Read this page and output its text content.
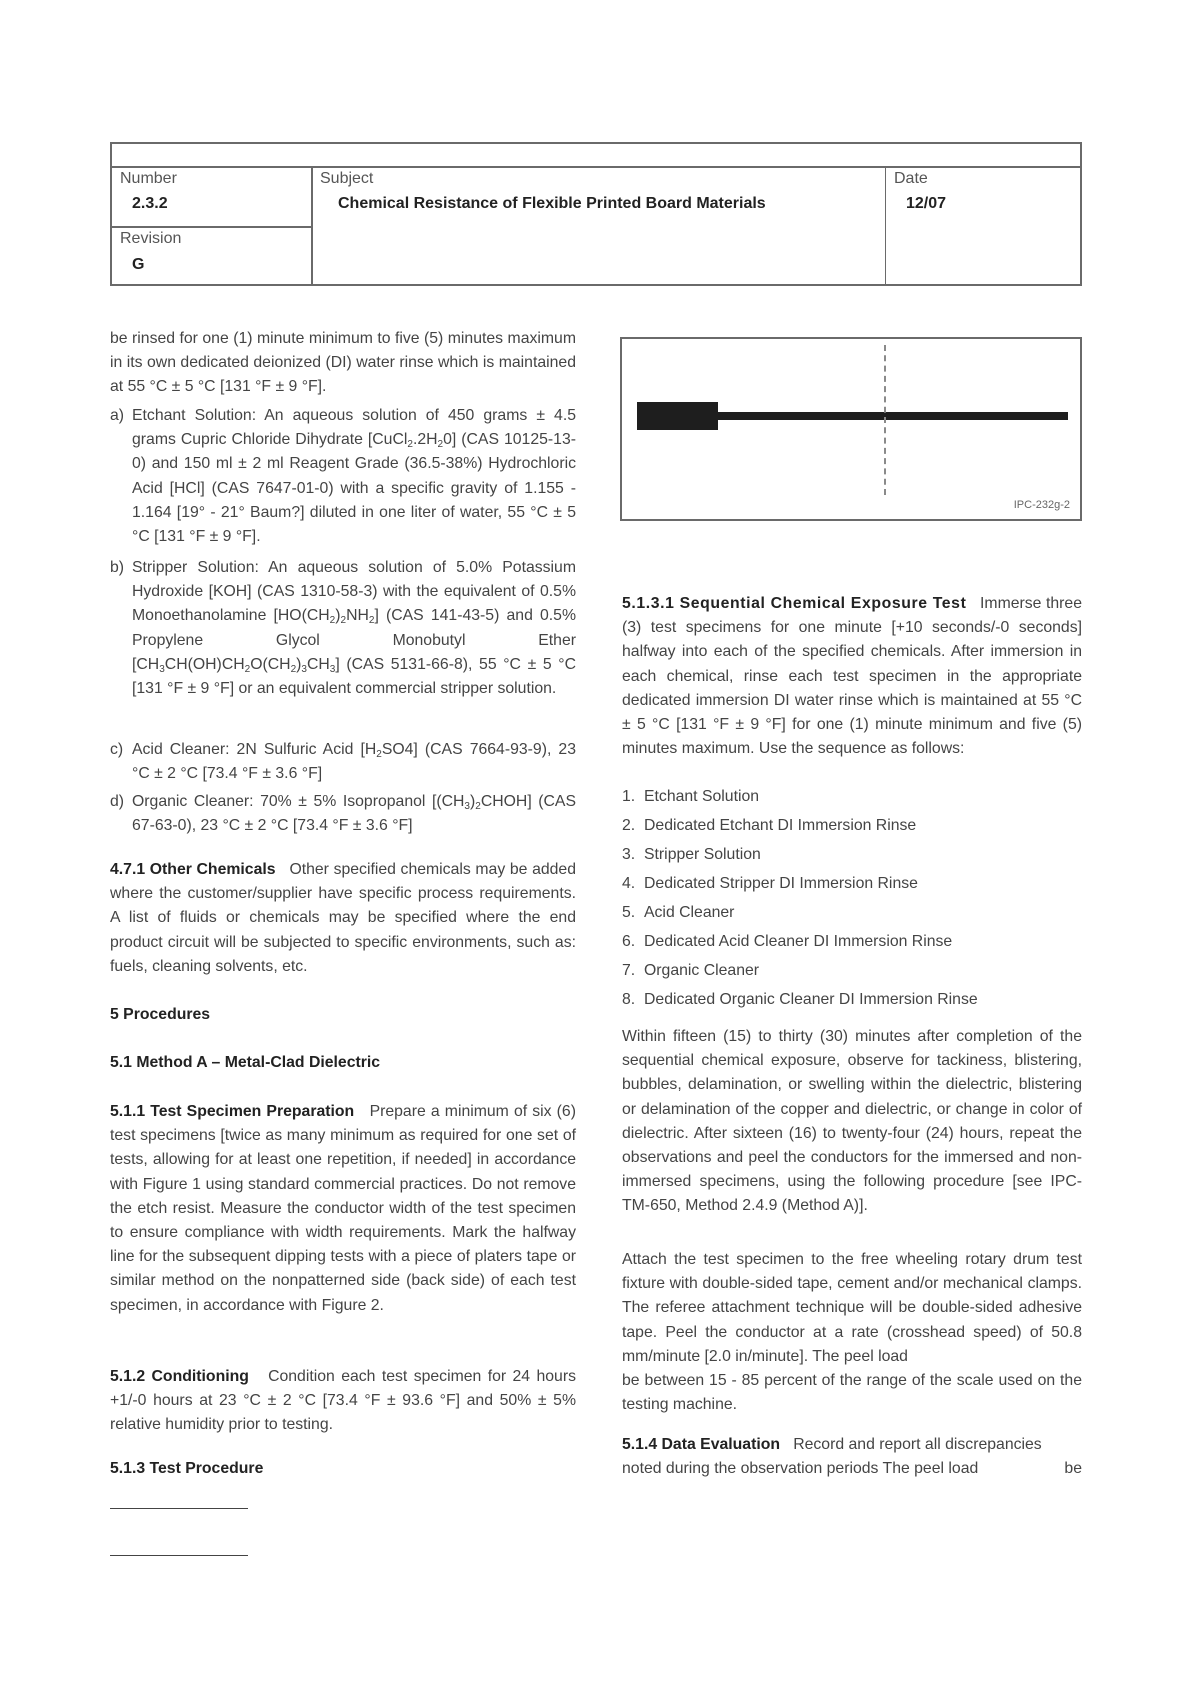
Number
2.3.2
Revision
G
Subject
Chemical Resistance of Flexible Printed Board Materials
Date
12/07
be rinsed for one (1) minute minimum to five (5) minutes maximum in its own dedicated deionized (DI) water rinse which is maintained at 55 °C ± 5 °C [131 °F ± 9 °F].
a) Etchant Solution: An aqueous solution of 450 grams ± 4.5 grams Cupric Chloride Dihydrate $[CuCl_2.2H_20]$ (CAS 10125-13-0) and 150 ml ± 2 ml Reagent Grade (36.5-38%) Hydrochloric Acid [HCl] (CAS 7647-01-0) with a specific gravity of 1.155 - 1.164 [19° - 21° Baum?] diluted in one liter of water, 55 °C ± 5 °C [131 °F ± 9 °F].
b) Stripper Solution: An aqueous solution of 5.0% Potassium Hydroxide [KOH] (CAS 1310-58-3) with the equivalent of 0.5% Monoethanolamine $[HO(CH_2)_2NH_2]$ (CAS 141-43-5) and 0.5% Propylene Glycol Monobutyl Ether $[CH_3CH(OH)CH_2O(CH_2)_3CH_3]$ (CAS 5131-66-8), 55 °C ± 5 °C [131 °F ± 9 °F] or an equivalent commercial stripper solution.
c) Acid Cleaner: 2N Sulfuric Acid $[H_2SO4]$ (CAS 7664-93-9), 23 °C ± 2 °C [73.4 °F ± 3.6 °F]
d) Organic Cleaner: 70% ± 5% Isopropanol $[(CH_3)_2CHOH]$ (CAS 67-63-0), 23 °C ± 2 °C [73.4 °F ± 3.6 °F]
4.7.1 Other Chemicals Other specified chemicals may be added where the customer/supplier have specific process requirements. A list of fluids or chemicals may be specified where the end product circuit will be subjected to specific environments, such as: fuels, cleaning solvents, etc.
5 Procedures
5.1 Method A – Metal-Clad Dielectric
5.1.1 Test Specimen Preparation Prepare a minimum of six (6) test specimens [twice as many minimum as required for one set of tests, allowing for at least one repetition, if needed] in accordance with Figure 1 using standard commercial practices. Do not remove the etch resist. Measure the conductor width of the test specimen to ensure compliance with width requirements. Mark the halfway line for the subsequent dipping tests with a piece of platers tape or similar method on the nonpatterned side (back side) of each test specimen, in accordance with Figure 2.
5.1.2 Conditioning Condition each test specimen for 24 hours +1/-0 hours at 23 °C ± 2 °C [73.4 °F ± 93.6 °F] and 50% ± 5% relative humidity prior to testing.
5.1.3 Test Procedure
IPC-232g-2
5.1.3.1 Sequential Chemical Exposure Test Immerse three (3) test specimens for one minute [+10 seconds/-0 seconds] halfway into each of the specified chemicals. After immersion in each chemical, rinse each test specimen in the appropriate dedicated immersion DI water rinse which is maintained at 55 °C ± 5 °C [131 °F ± 9 °F] for one (1) minute minimum and five (5) minutes maximum. Use the sequence as follows:
1. Etchant Solution
2. Dedicated Etchant DI Immersion Rinse
3. Stripper Solution
4. Dedicated Stripper DI Immersion Rinse
5. Acid Cleaner
6. Dedicated Acid Cleaner DI Immersion Rinse
7. Organic Cleaner
8. Dedicated Organic Cleaner DI Immersion Rinse
Within fifteen (15) to thirty (30) minutes after completion of the sequential chemical exposure, observe for tackiness, blistering, bubbles, delamination, or swelling within the dielectric, blistering or delamination of the copper and dielectric, or change in color of dielectric. After sixteen (16) to twenty-four (24) hours, repeat the observations and peel the conductors for the immersed and non-immersed specimens, using the following procedure [see IPC-TM-650, Method 2.4.9 (Method A)].
Attach the test specimen to the free wheeling rotary drum test fixture with double-sided tape, cement and/or mechanical clamps. The referee attachment technique will be double-sided adhesive tape. Peel the conductor at a rate (crosshead speed) of 50.8 mm/minute [2.0 in/minute]. The peel load
be between 15 - 85 percent of the range of the scale used on the testing machine.
5.1.4 Data Evaluation Record and report all discrepancies
noted during the observation periods The peel load	be
